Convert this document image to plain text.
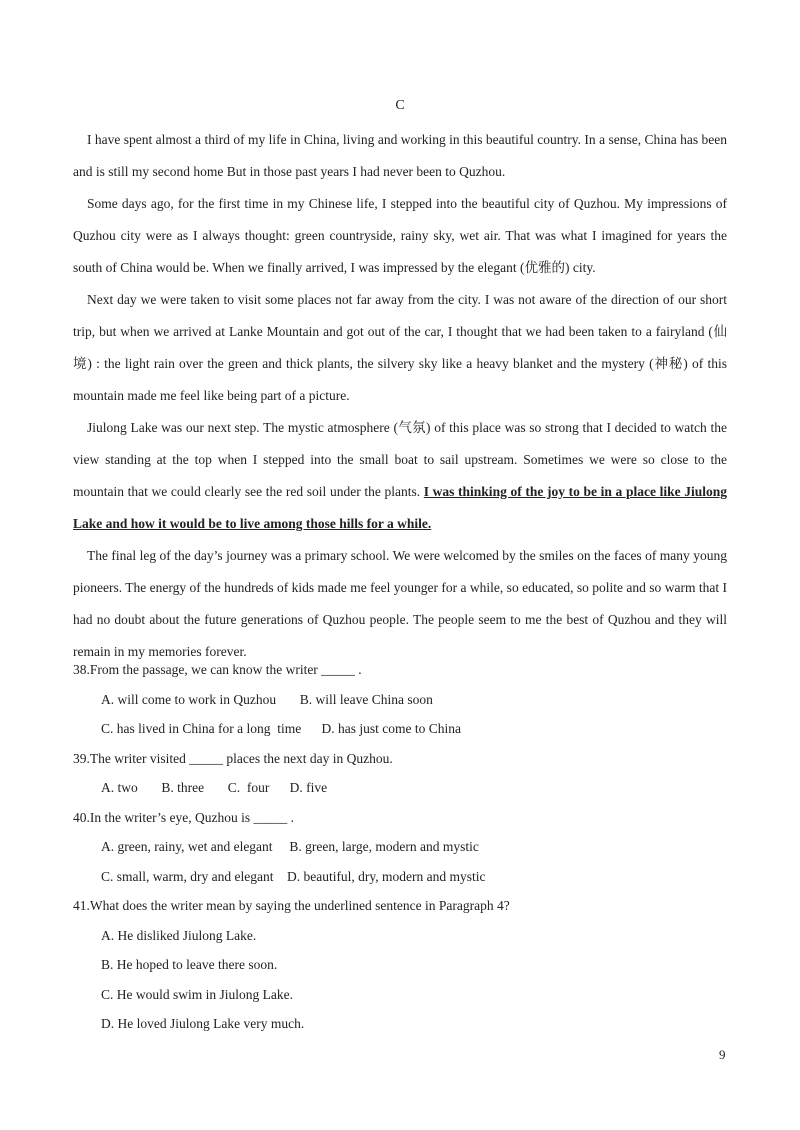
C

I have spent almost a third of my life in China, living and working in this beautiful country. In a sense, China has been and is still my second home But in those past years I had never been to Quzhou.

Some days ago, for the first time in my Chinese life, I stepped into the beautiful city of Quzhou. My impressions of Quzhou city were as I always thought: green countryside, rainy sky, wet air. That was what I imagined for years the south of China would be. When we finally arrived, I was impressed by the elegant (优雅的) city.

Next day we were taken to visit some places not far away from the city. I was not aware of the direction of our short trip, but when we arrived at Lanke Mountain and got out of the car, I thought that we had been taken to a fairyland (仙境) : the light rain over the green and thick plants, the silvery sky like a heavy blanket and the mystery (神秘) of this mountain made me feel like being part of a picture.

Jiulong Lake was our next step. The mystic atmosphere (气氛) of this place was so strong that I decided to watch the view standing at the top when I stepped into the small boat to sail upstream. Sometimes we were so close to the mountain that we could clearly see the red soil under the plants. I was thinking of the joy to be in a place like Jiulong Lake and how it would be to live among those hills for a while.

The final leg of the day’s journey was a primary school. We were welcomed by the smiles on the faces of many young pioneers. The energy of the hundreds of kids made me feel younger for a while, so educated, so polite and so warm that I had no doubt about the future generations of Quzhou people. The people seem to me the best of Quzhou and they will remain in my memories forever.

38.From the passage, we can know the writer _____ .

A. will come to work in Quzhou       B. will leave China soon
C. has lived in China for a long  time      D. has just come to China

39.The writer visited _____ places the next day in Quzhou.

A. two       B. three       C.  four      D. five

40.In the writer’s eye, Quzhou is _____ .

A. green, rainy, wet and elegant     B. green, large, modern and mystic
C. small, warm, dry and elegant    D. beautiful, dry, modern and mystic

41.What does the writer mean by saying the underlined sentence in Paragraph 4?

A. He disliked Jiulong Lake.
B. He hoped to leave there soon.
C. He would swim in Jiulong Lake.
D. He loved Jiulong Lake very much.
9
